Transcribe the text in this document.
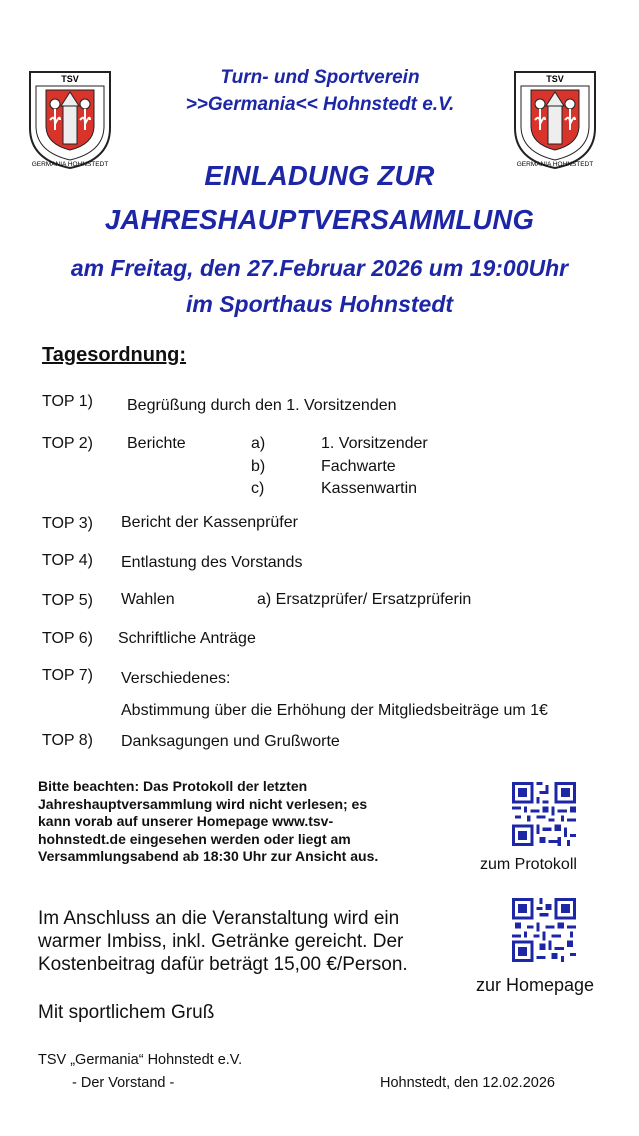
TSV
GERMANIA HOHNSTEDT
TSV
GERMANIA HOHNSTEDT
Turn- und Sportverein
>>Germania<< Hohnstedt e.V.
EINLADUNG ZUR
JAHRESHAUPTVERSAMMLUNG
am Freitag, den 27.Februar 2026 um 19:00Uhr
im Sporthaus Hohnstedt
Tagesordnung:
TOP 1) Begrüßung durch den 1. Vorsitzenden
TOP 2) Berichte	a)	1. Vorsitzender
b)	Fachwarte
c)	Kassenwartin
TOP 3) Bericht der Kassenprüfer
TOP 4) Entlastung des Vorstands
TOP 5) Wahlen	a) Ersatzprüfer/ Ersatzprüferin
TOP 6) Schriftliche Anträge
TOP 7) Verschiedenes:
Abstimmung über die Erhöhung der Mitgliedsbeiträge um 1€
TOP 8) Danksagungen und Grußworte
Bitte beachten: Das Protokoll der letzten
Jahreshauptversammlung wird nicht verlesen; es
kann vorab auf unserer Homepage www.tsv-
hohnstedt.de eingesehen werden oder liegt am
Versammlungsabend ab 18:30 Uhr zur Ansicht aus.	zum Protokoll
Im Anschluss an die Veranstaltung wird ein
warmer Imbiss, inkl. Getränke gereicht. Der
Kostenbeitrag dafür beträgt 15,00 €/Person.
zur Homepage
Mit sportlichem Gruß
TSV „Germania“ Hohnstedt e.V.
- Der Vorstand -	Hohnstedt, den 12.02.2026
